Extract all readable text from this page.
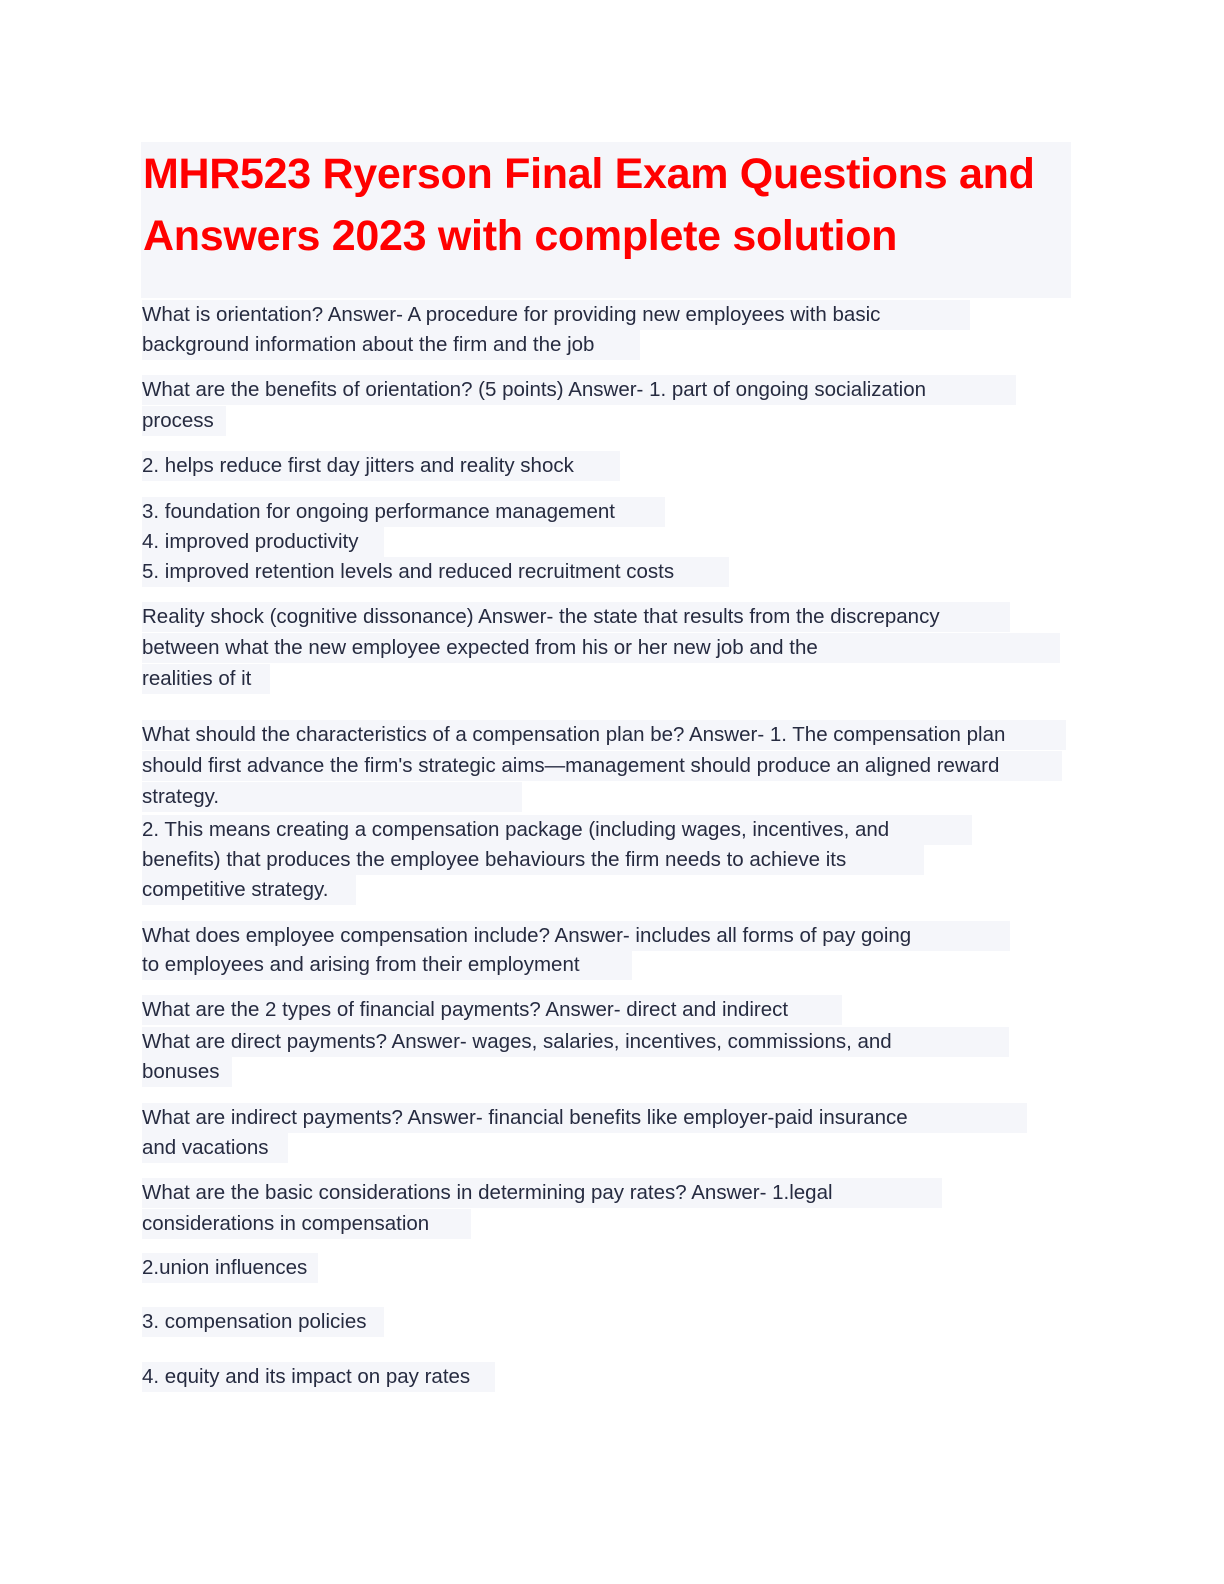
MHR523 Ryerson Final Exam Questions and
Answers 2023 with complete solution
What is orientation? Answer- A procedure for providing new employees with basic
background information about the firm and the job
What are the benefits of orientation? (5 points) Answer- 1. part of ongoing socialization
process
2. helps reduce first day jitters and reality shock
3. foundation for ongoing performance management
4. improved productivity
5. improved retention levels and reduced recruitment costs
Reality shock (cognitive dissonance) Answer- the state that results from the discrepancy
between what the new employee expected from his or her new job and the
realities of it
What should the characteristics of a compensation plan be? Answer- 1. The compensation plan
should first advance the firm's strategic aims—management should produce an aligned reward
strategy.
2. This means creating a compensation package (including wages, incentives, and
benefits) that produces the employee behaviours the firm needs to achieve its
competitive strategy.
What does employee compensation include? Answer- includes all forms of pay going
to employees and arising from their employment
What are the 2 types of financial payments? Answer- direct and indirect
What are direct payments? Answer- wages, salaries, incentives, commissions, and
bonuses
What are indirect payments? Answer- financial benefits like employer-paid insurance
and vacations
What are the basic considerations in determining pay rates? Answer- 1.legal
considerations in compensation
2.union influences
3. compensation policies
4. equity and its impact on pay rates
